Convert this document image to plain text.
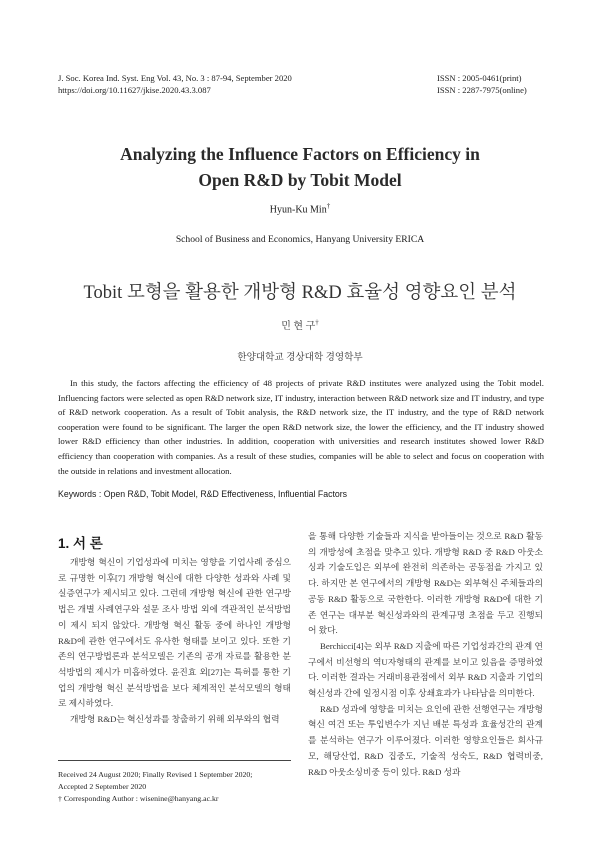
J. Soc. Korea Ind. Syst. Eng Vol. 43, No. 3 : 87-94, September 2020
https://doi.org/10.11627/jkise.2020.43.3.087
ISSN : 2005-0461(print)
ISSN : 2287-7975(online)
Analyzing the Influence Factors on Efficiency in
Open R&D by Tobit Model
Hyun-Ku Min†
School of Business and Economics, Hanyang University ERICA
Tobit 모형을 활용한 개방형 R&D 효율성 영향요인 분석
민 현 구†
한양대학교 경상대학 경영학부
In this study, the factors affecting the efficiency of 48 projects of private R&D institutes were analyzed using the Tobit model. Influencing factors were selected as open R&D network size, IT industry, interaction between R&D network size and IT industry, and type of R&D network cooperation. As a result of Tobit analysis, the R&D network size, the IT industry, and the type of R&D network cooperation were found to be significant. The larger the open R&D network size, the lower the efficiency, and the IT industry showed lower R&D efficiency than other industries. In addition, cooperation with universities and research institutes showed lower R&D efficiency than cooperation with companies. As a result of these studies, companies will be able to select and focus on cooperation with the outside in relations and investment allocation.
Keywords : Open R&D, Tobit Model, R&D Effectiveness, Influential Factors
1. 서 론

개방형 혁신이 기업성과에 미치는 영향을 기업사례 중심으로 규명한 이후[7] 개방형 혁신에 대한 다양한 성과와 사례 및 실증연구가 제시되고 있다. 그런데 개방형 혁신에 관한 연구방법은 개별 사례연구와 설문 조사 방법 외에 객관적인 분석방법이 제시 되지 않았다. 개방형 혁신 활동 중에 하나인 개방형 R&D에 관한 연구에서도 유사한 형태를 보이고 있다. 또한 기존의 연구방법론과 분석모델은 기존의 공개 자료를 활용한 분석방법의 제시가 미흡하였다. 윤진효 외[27]는 특허를 통한 기업의 개방형 혁신 분석방법을 보다 체계적인 분석모델의 형태로 제시하였다.

개방형 R&D는 혁신성과를 창출하기 위해 외부와의 협력

을 통해 다양한 기술들과 지식을 받아들이는 것으로 R&D 활동의 개방성에 초점을 맞추고 있다. 개방형 R&D 중 R&D 아웃소싱과 기술도입은 외부에 완전히 의존하는 공동점을 가지고 있다. 하지만 본 연구에서의 개방형 R&D는 외부혁신 주체들과의 공동 R&D 활동으로 국한한다. 이러한 개방형 R&D에 대한 기존 연구는 대부분 혁신성과와의 관계규명 초점을 두고 진행되어 왔다.

Berchicci[4]는 외부 R&D 지출에 따른 기업성과간의 관계 연구에서 비선형의 역U자형태의 관계를 보이고 있음을 증명하였다. 이러한 결과는 거래비용관점에서 외부 R&D 지출과 기업의 혁신성과 간에 일정시점 이후 상쇄효과가 나타남을 의미한다.

R&D 성과에 영향을 미치는 요인에 관한 선행연구는 개방형 혁신 여건 또는 투입변수가 지닌 배분 특성과 효율성간의 관계를 분석하는 연구가 이루어졌다. 이러한 영향요인들은 회사규모, 해당산업, R&D 집중도, 기술적 성숙도, R&D 협력비중, R&D 아웃소싱비중 등이 있다. R&D 성과

Received 24 August 2020; Finally Revised 1 September 2020;
Accepted 2 September 2020
† Corresponding Author : wisenine@hanyang.ac.kr
